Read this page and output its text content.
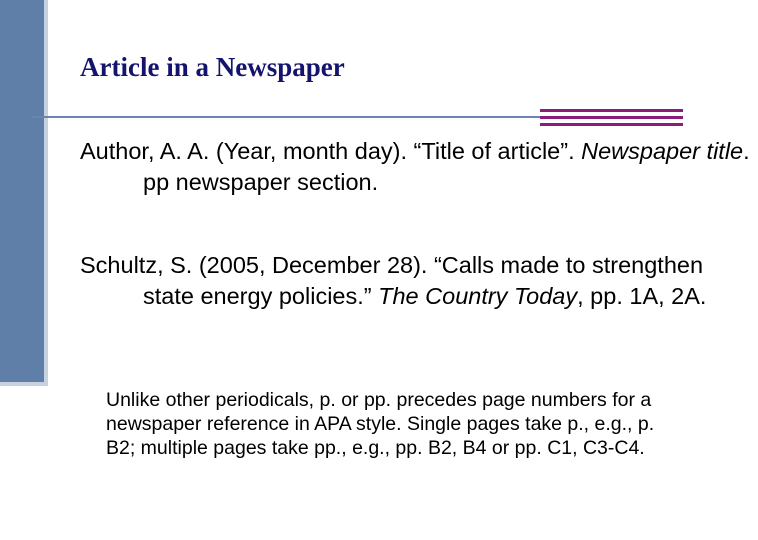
Article in a Newspaper

Author, A. A. (Year, month day). “Title of article”. Newspaper title. pp newspaper section.

Schultz, S. (2005, December 28). “Calls made to strengthen state energy policies.” The Country Today, pp. 1A, 2A.

Unlike other periodicals, p. or pp. precedes page numbers for a newspaper reference in APA style. Single pages take p., e.g., p. B2; multiple pages take pp., e.g., pp. B2, B4 or pp. C1, C3-C4.
